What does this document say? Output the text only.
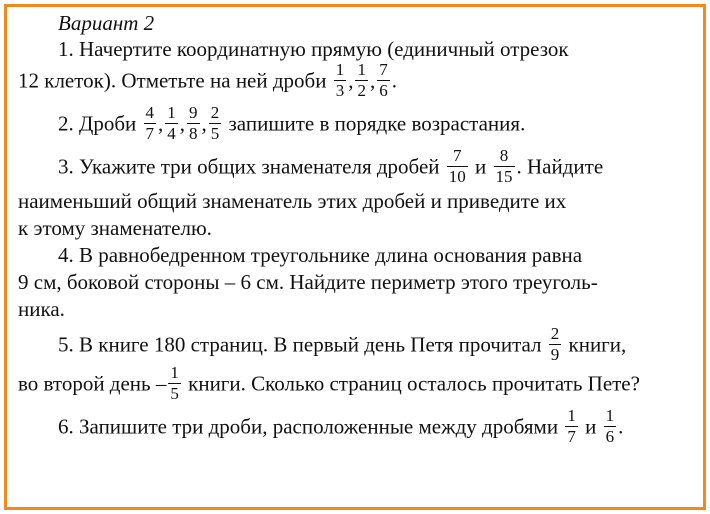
Вариант 2
1. Начертите координатную прямую (единичный отрезок
12 клеток). Отметьте на ней дроби $\frac{1}{3}$ , $\frac{1}{2}$ , $\frac{7}{6}$ .
2. Дроби $\frac{4}{7}$ , $\frac{1}{4}$ , $\frac{9}{8}$ , $\frac{2}{5}$ запишите в порядке возрастания.
3. Укажите три общих знаменателя дробей $\frac{7}{10}$ и $\frac{8}{15}$ . Найдите
наименьший общий знаменатель этих дробей и приведите их
к этому знаменателю.
4. В равнобедренном треугольнике длина основания равна
9 см, боковой стороны – 6 см. Найдите периметр этого треуголь-
ника.
5. В книге 180 страниц. В первый день Петя прочитал $\frac{2}{9}$ книги,
во второй день – $\frac{1}{5}$ книги. Сколько страниц осталось прочитать Пете?
6. Запишите три дроби, расположенные между дробями $\frac{1}{7}$ и $\frac{1}{6}$ .
